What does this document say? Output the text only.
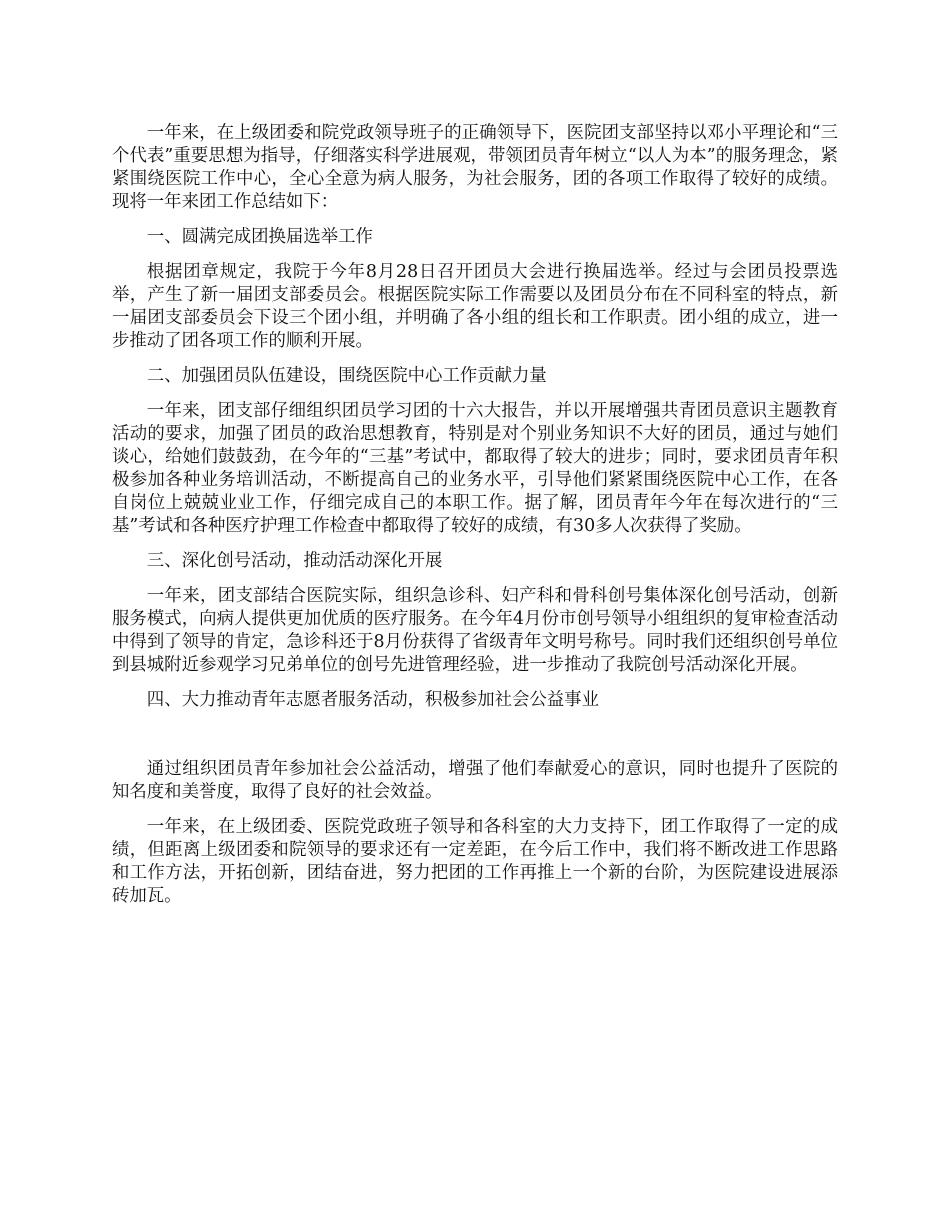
一年来，在上级团委和院党政领导班子的正确领导下，医院团支部坚持以邓小平理论和“三个代表”重要思想为指导，仔细落实科学进展观，带领团员青年树立“以人为本”的服务理念，紧紧围绕医院工作中心，全心全意为病人服务，为社会服务，团的各项工作取得了较好的成绩。现将一年来团工作总结如下：

一、圆满完成团换届选举工作

根据团章规定，我院于今年8月28日召开团员大会进行换届选举。经过与会团员投票选举，产生了新一届团支部委员会。根据医院实际工作需要以及团员分布在不同科室的特点，新一届团支部委员会下设三个团小组，并明确了各小组的组长和工作职责。团小组的成立，进一步推动了团各项工作的顺利开展。

二、加强团员队伍建设，围绕医院中心工作贡献力量

一年来，团支部仔细组织团员学习团的十六大报告，并以开展增强共青团员意识主题教育活动的要求，加强了团员的政治思想教育，特别是对个别业务知识不大好的团员，通过与她们谈心，给她们鼓鼓劲，在今年的“三基”考试中，都取得了较大的进步；同时，要求团员青年积极参加各种业务培训活动，不断提高自己的业务水平，引导他们紧紧围绕医院中心工作，在各自岗位上兢兢业业工作，仔细完成自己的本职工作。据了解，团员青年今年在每次进行的“三基”考试和各种医疗护理工作检查中都取得了较好的成绩，有30多人次获得了奖励。

三、深化创号活动，推动活动深化开展

一年来，团支部结合医院实际，组织急诊科、妇产科和骨科创号集体深化创号活动，创新服务模式，向病人提供更加优质的医疗服务。在今年4月份市创号领导小组组织的复审检查活动中得到了领导的肯定，急诊科还于8月份获得了省级青年文明号称号。同时我们还组织创号单位到县城附近参观学习兄弟单位的创号先进管理经验，进一步推动了我院创号活动深化开展。

四、大力推动青年志愿者服务活动，积极参加社会公益事业

通过组织团员青年参加社会公益活动，增强了他们奉献爱心的意识，同时也提升了医院的知名度和美誉度，取得了良好的社会效益。

一年来，在上级团委、医院党政班子领导和各科室的大力支持下，团工作取得了一定的成绩，但距离上级团委和院领导的要求还有一定差距，在今后工作中，我们将不断改进工作思路和工作方法，开拓创新，团结奋进，努力把团的工作再推上一个新的台阶，为医院建设进展添砖加瓦。
